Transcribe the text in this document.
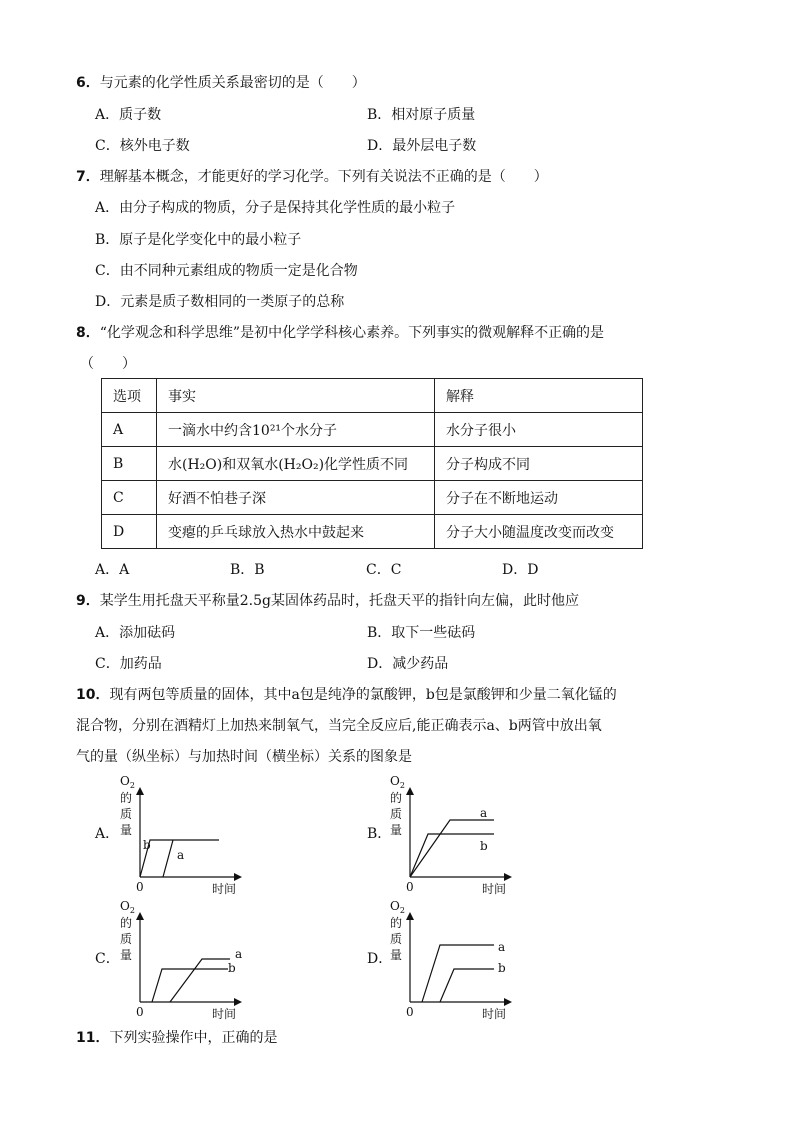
6．与元素的化学性质关系最密切的是（　　）
A．质子数	B．相对原子质量
C．核外电子数	D．最外层电子数
7．理解基本概念，才能更好的学习化学。下列有关说法不正确的是（　　）
A．由分子构成的物质，分子是保持其化学性质的最小粒子
B．原子是化学变化中的最小粒子
C．由不同种元素组成的物质一定是化合物
D．元素是质子数相同的一类原子的总称
8．“化学观念和科学思维”是初中化学学科核心素养。下列事实的微观解释不正确的是
（　　）
选项	事实	解释
A	一滴水中约含10²¹个水分子	水分子很小
B	水(H₂O)和双氧水(H₂O₂)化学性质不同	分子构成不同
C	好酒不怕巷子深	分子在不断地运动
D	变瘪的乒乓球放入热水中鼓起来	分子大小随温度改变而改变
A．A	B．B	C．C	D．D
9．某学生用托盘天平称量2.5g某固体药品时，托盘天平的指针向左偏，此时他应
A．添加砝码	B．取下一些砝码
C．加药品	D．减少药品
10．现有两包等质量的固体，其中a包是纯净的氯酸钾，b包是氯酸钾和少量二氧化锰的
混合物，分别在酒精灯上加热来制氧气，当完全反应后,能正确表示a、b两管中放出氧
气的量（纵坐标）与加热时间（横坐标）关系的图象是
A．
$O_2$
的
质
量
0	时间
b
a
B．
$O_2$
的
质
量
0	时间
a
b
C．
$O_2$
的
质
量
0	时间
a
b
D．
$O_2$
的
质
量
0	时间
a
b
11．下列实验操作中，正确的是
